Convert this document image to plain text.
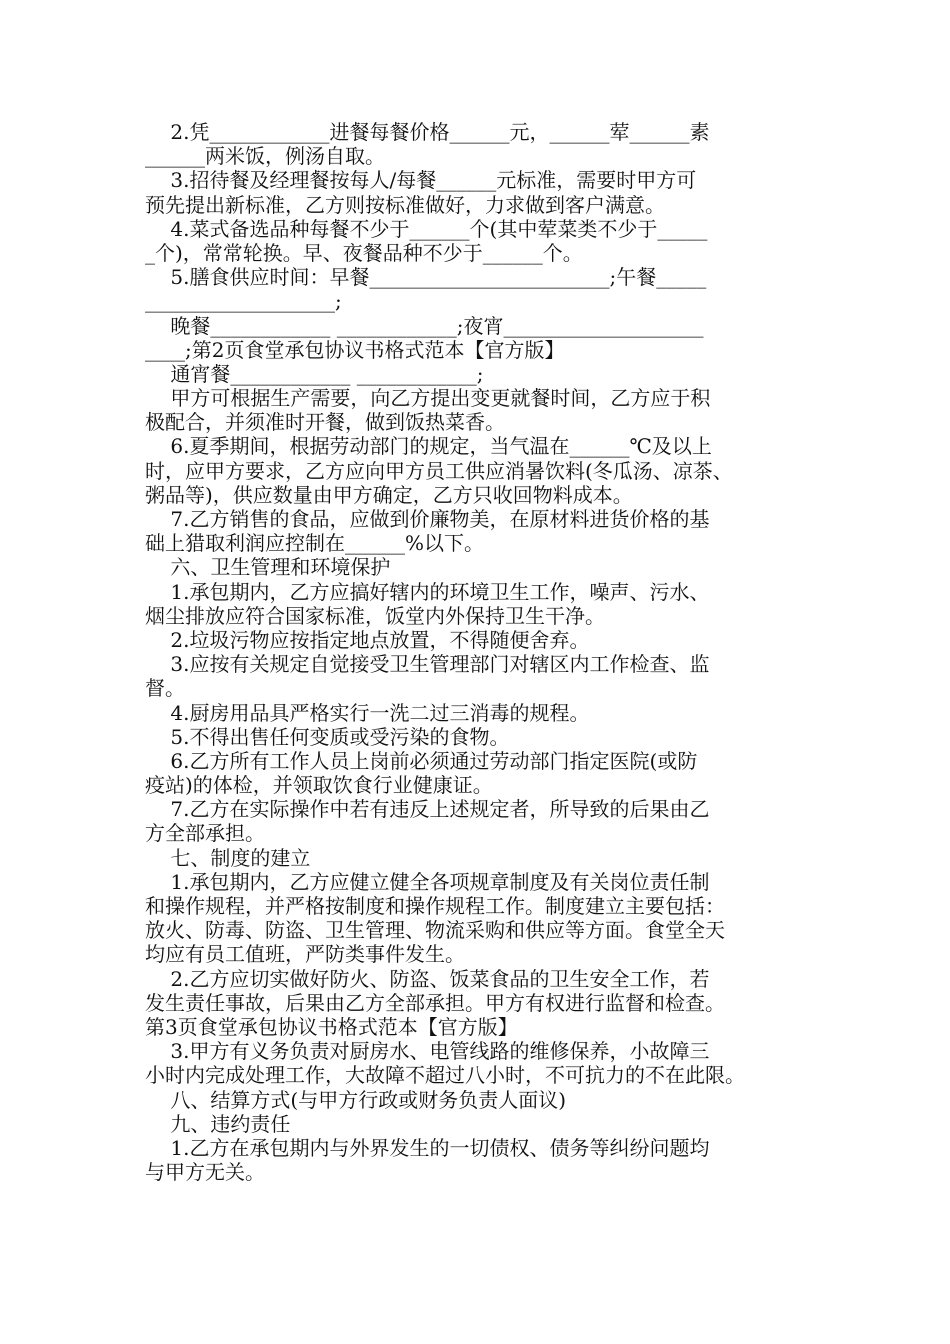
2.凭____________进餐每餐价格______元，______荤______素
______两米饭，例汤自取。
3.招待餐及经理餐按每人/每餐______元标准，需要时甲方可
预先提出新标准，乙方则按标准做好，力求做到客户满意。
4.菜式备选品种每餐不少于______个(其中荤菜类不少于_____
_个)，常常轮换。早、夜餐品种不少于______个。
5.膳食供应时间：早餐________________________;午餐_____
___________________;
晚餐____________ ____________;夜宵____________________
____;第2页食堂承包协议书格式范本【官方版】
通宵餐____________ ____________;
甲方可根据生产需要，向乙方提出变更就餐时间，乙方应于积
极配合，并须准时开餐，做到饭热菜香。
6.夏季期间，根据劳动部门的规定，当气温在______℃及以上
时，应甲方要求，乙方应向甲方员工供应消暑饮料(冬瓜汤、凉茶、
粥品等)，供应数量由甲方确定，乙方只收回物料成本。
7.乙方销售的食品，应做到价廉物美，在原材料进货价格的基
础上猎取利润应控制在______%以下。
六、卫生管理和环境保护
1.承包期内，乙方应搞好辖内的环境卫生工作，噪声、污水、
烟尘排放应符合国家标准，饭堂内外保持卫生干净。
2.垃圾污物应按指定地点放置，不得随便舍弃。
3.应按有关规定自觉接受卫生管理部门对辖区内工作检查、监
督。
4.厨房用品具严格实行一洗二过三消毒的规程。
5.不得出售任何变质或受污染的食物。
6.乙方所有工作人员上岗前必须通过劳动部门指定医院(或防
疫站)的体检，并领取饮食行业健康证。
7.乙方在实际操作中若有违反上述规定者，所导致的后果由乙
方全部承担。
七、制度的建立
1.承包期内，乙方应健立健全各项规章制度及有关岗位责任制
和操作规程，并严格按制度和操作规程工作。制度建立主要包括：
放火、防毒、防盗、卫生管理、物流采购和供应等方面。食堂全天
均应有员工值班，严防类事件发生。
2.乙方应切实做好防火、防盗、饭菜食品的卫生安全工作，若
发生责任事故，后果由乙方全部承担。甲方有权进行监督和检查。
第3页食堂承包协议书格式范本【官方版】
3.甲方有义务负责对厨房水、电管线路的维修保养，小故障三
小时内完成处理工作，大故障不超过八小时，不可抗力的不在此限。
八、结算方式(与甲方行政或财务负责人面议)
九、违约责任
1.乙方在承包期内与外界发生的一切债权、债务等纠纷问题均
与甲方无关。
